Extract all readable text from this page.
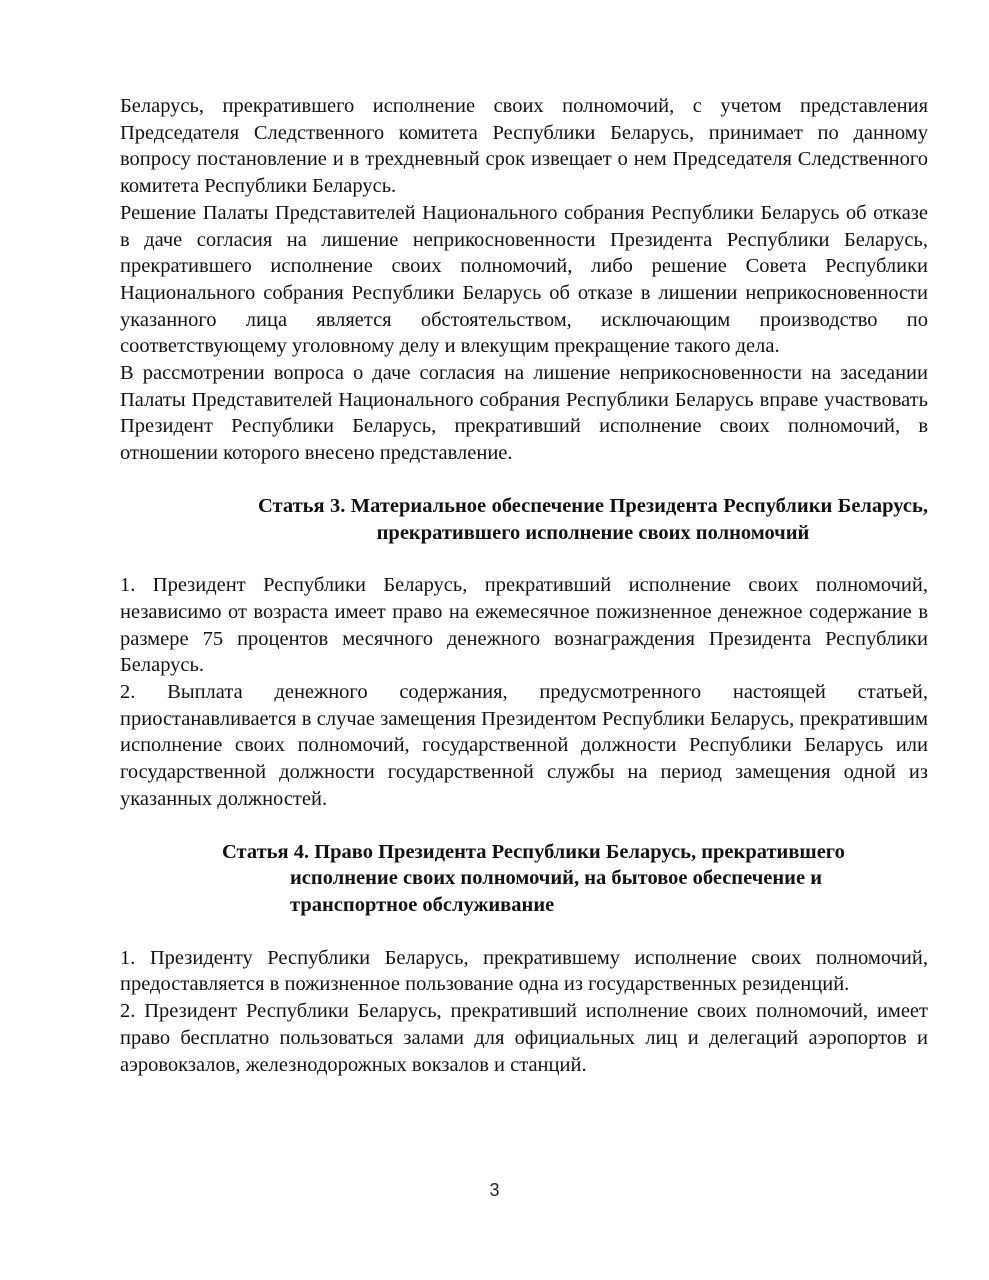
Беларусь, прекратившего исполнение своих полномочий, с учетом представления Председателя Следственного комитета Республики Беларусь, принимает по данному вопросу постановление и в трехдневный срок извещает о нем Председателя Следственного комитета Республики Беларусь.

Решение Палаты Представителей Национального собрания Республики Беларусь об отказе в даче согласия на лишение неприкосновенности Президента Республики Беларусь, прекратившего исполнение своих полномочий, либо решение Совета Республики Национального собрания Республики Беларусь об отказе в лишении неприкосновенности указанного лица является обстоятельством, исключающим производство по соответствующему уголовному делу и влекущим прекращение такого дела.

В рассмотрении вопроса о даче согласия на лишение неприкосновенности на заседании Палаты Представителей Национального собрания Республики Беларусь вправе участвовать Президент Республики Беларусь, прекративший исполнение своих полномочий, в отношении которого внесено представление.

Статья 3. Материальное обеспечение Президента Республики Беларусь, прекратившего исполнение своих полномочий

1. Президент Республики Беларусь, прекративший исполнение своих полномочий, независимо от возраста имеет право на ежемесячное пожизненное денежное содержание в размере 75 процентов месячного денежного вознаграждения Президента Республики Беларусь.

2. Выплата денежного содержания, предусмотренного настоящей статьей, приостанавливается в случае замещения Президентом Республики Беларусь, прекратившим исполнение своих полномочий, государственной должности Республики Беларусь или государственной должности государственной службы на период замещения одной из указанных должностей.

Статья 4. Право Президента Республики Беларусь, прекратившего
исполнение своих полномочий, на бытовое обеспечение и
транспортное обслуживание

1. Президенту Республики Беларусь, прекратившему исполнение своих полномочий, предоставляется в пожизненное пользование одна из государственных резиденций.

2. Президент Республики Беларусь, прекративший исполнение своих полномочий, имеет право бесплатно пользоваться залами для официальных лиц и делегаций аэропортов и аэровокзалов, железнодорожных вокзалов и станций.

3
